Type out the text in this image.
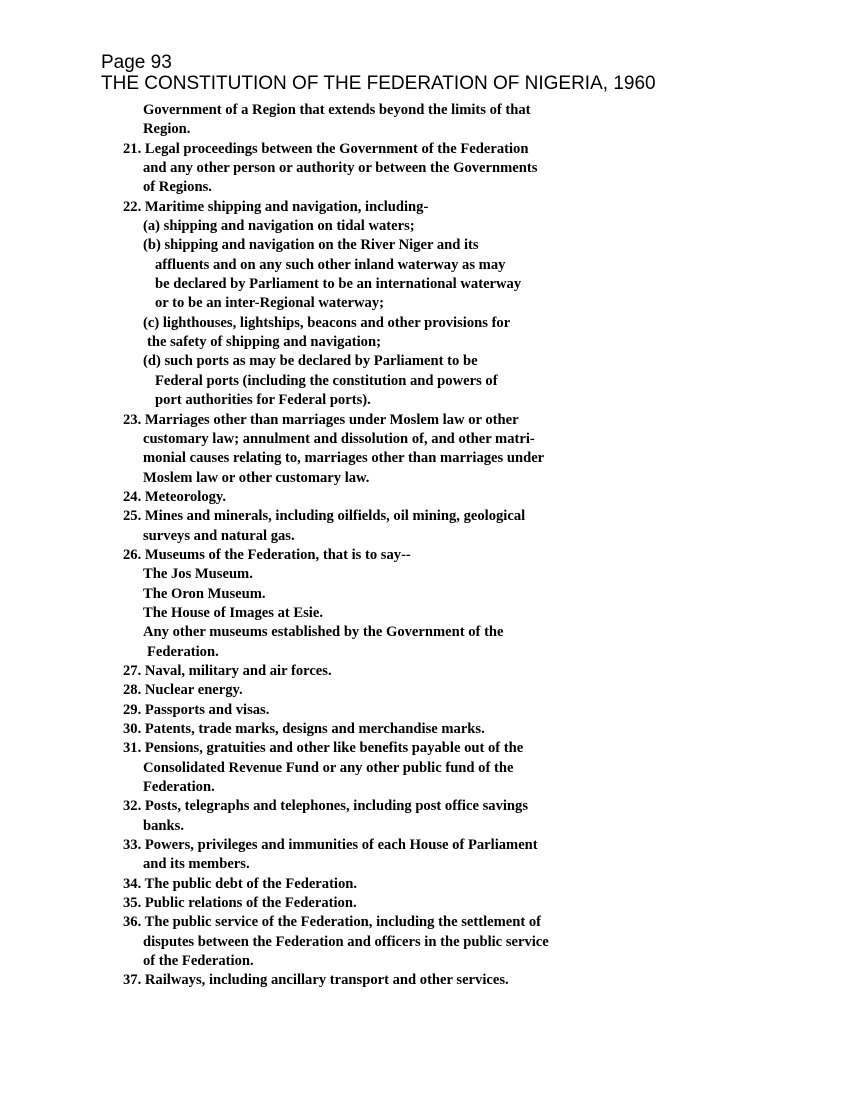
Page 93
THE CONSTITUTION OF THE FEDERATION OF NIGERIA, 1960
Government of a Region that extends beyond the limits of that
Region.
21. Legal proceedings between the Government of the Federation
and any other person or authority or between the Governments
of Regions.
22. Maritime shipping and navigation, including-
(a) shipping and navigation on tidal waters;
(b) shipping and navigation on the River Niger and its
affluents and on any such other inland waterway as may
be declared by Parliament to be an international waterway
or to be an inter-Regional waterway;
(c) lighthouses, lightships, beacons and other provisions for
the safety of shipping and navigation;
(d) such ports as may be declared by Parliament to be
Federal ports (including the constitution and powers of
port authorities for Federal ports).
23. Marriages other than marriages under Moslem law or other
customary law; annulment and dissolution of, and other matri-
monial causes relating to, marriages other than marriages under
Moslem law or other customary law.
24. Meteorology.
25. Mines and minerals, including oilfields, oil mining, geological
surveys and natural gas.
26. Museums of the Federation, that is to say--
The Jos Museum.
The Oron Museum.
The House of Images at Esie.
Any other museums established by the Government of the
Federation.
27. Naval, military and air forces.
28. Nuclear energy.
29. Passports and visas.
30. Patents, trade marks, designs and merchandise marks.
31. Pensions, gratuities and other like benefits payable out of the
Consolidated Revenue Fund or any other public fund of the
Federation.
32. Posts, telegraphs and telephones, including post office savings
banks.
33. Powers, privileges and immunities of each House of Parliament
and its members.
34. The public debt of the Federation.
35. Public relations of the Federation.
36. The public service of the Federation, including the settlement of
disputes between the Federation and officers in the public service
of the Federation.
37. Railways, including ancillary transport and other services.
